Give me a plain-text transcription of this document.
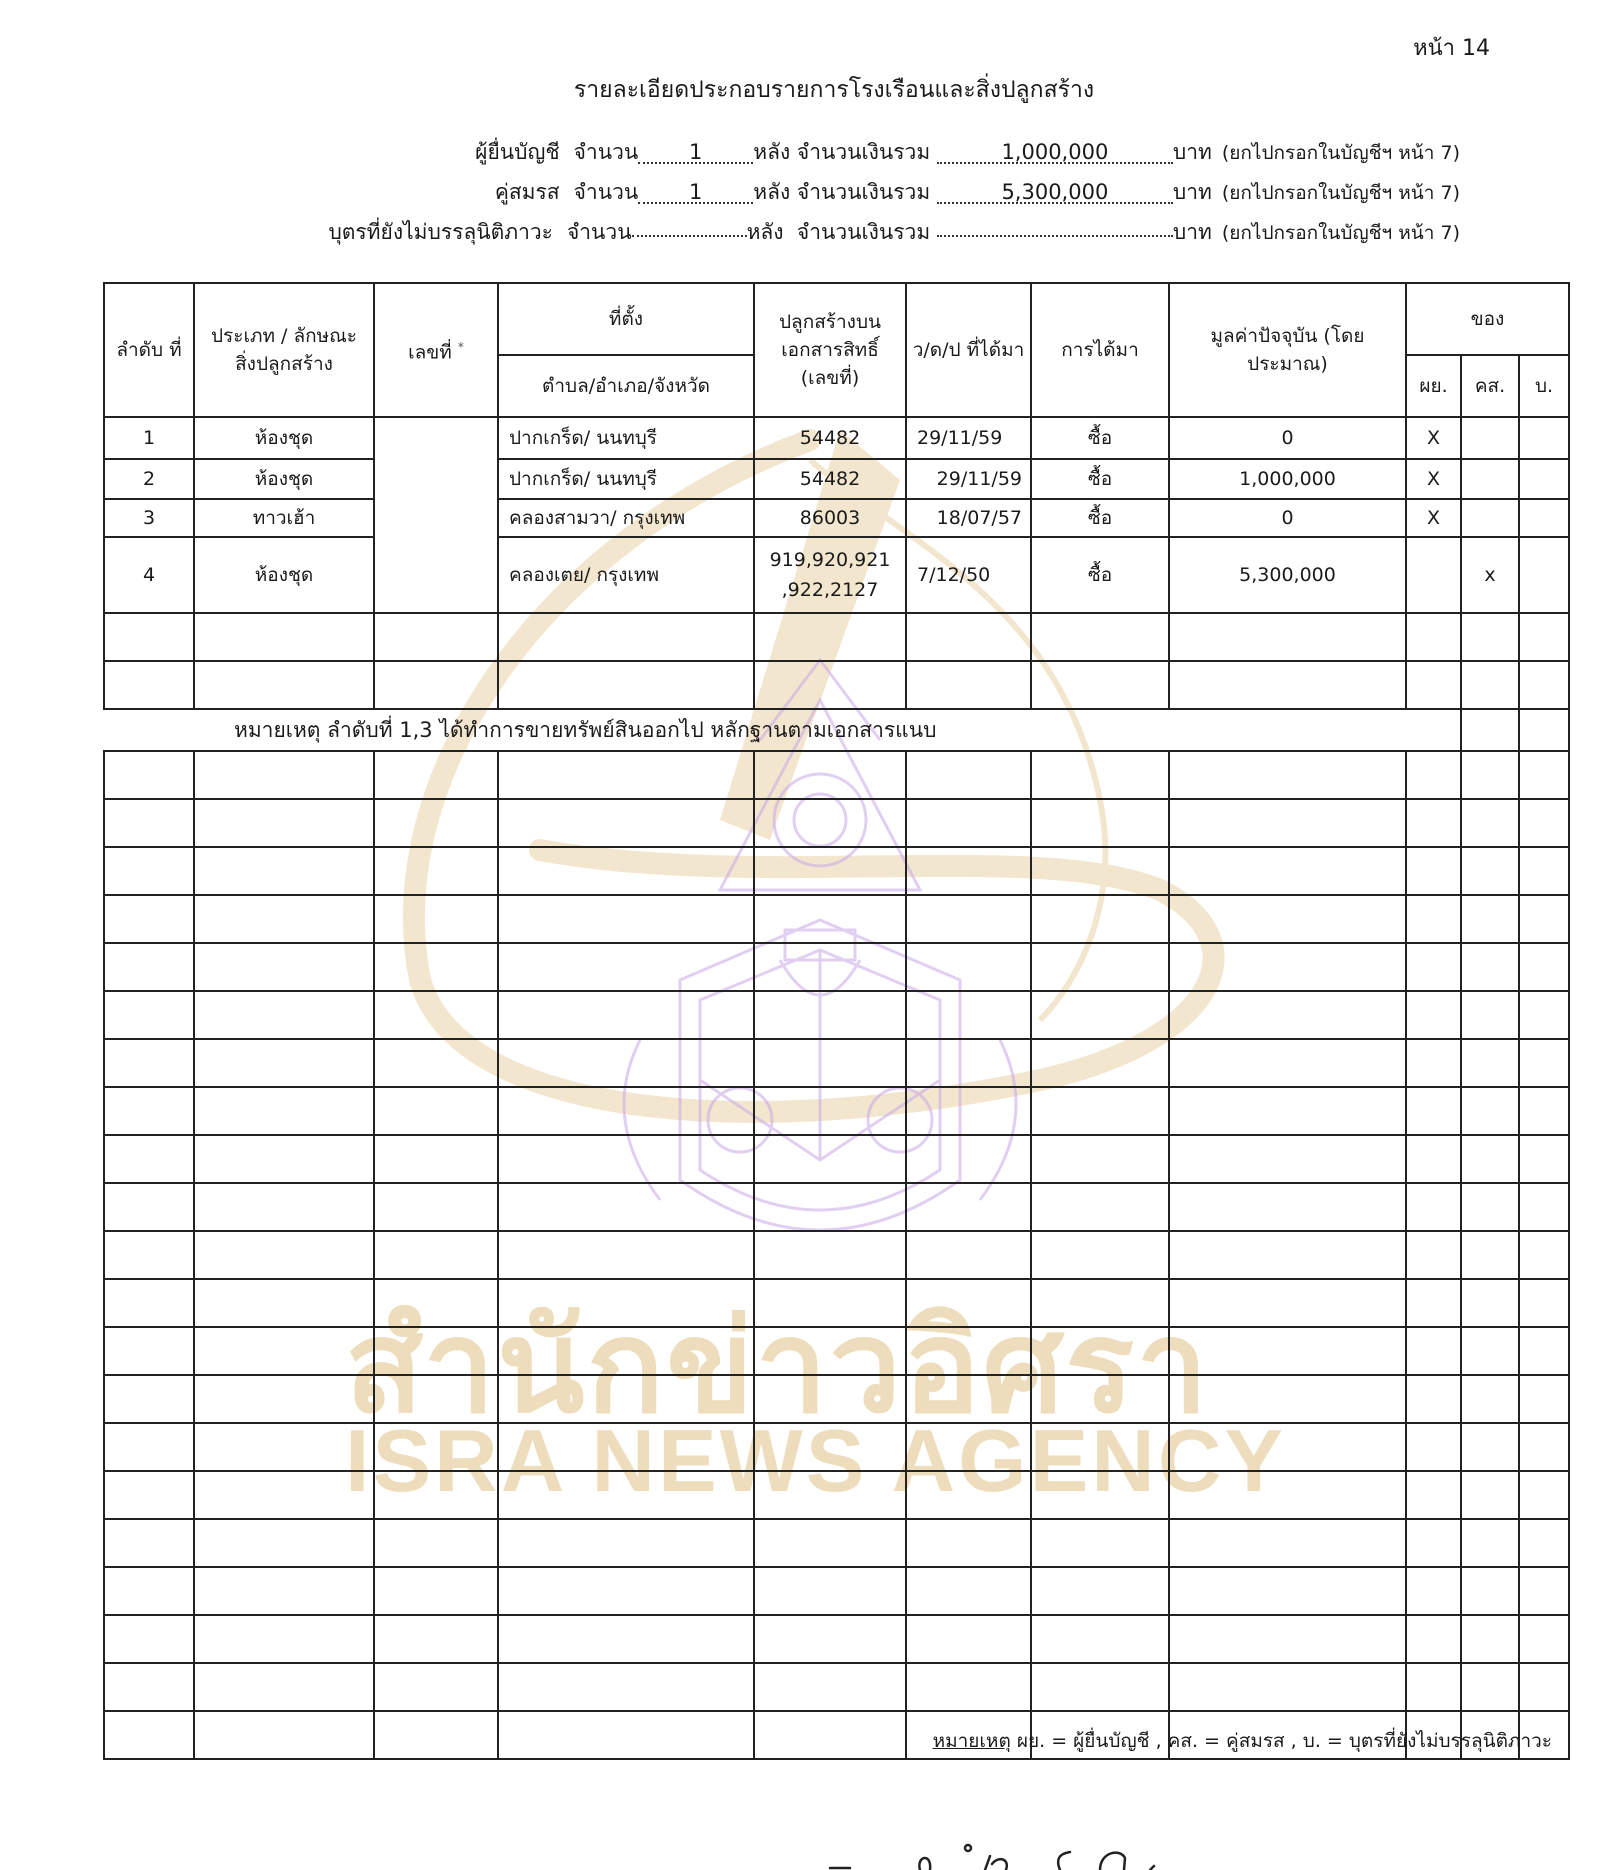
สำนักข่าวอิศรา
ISRA NEWS AGENCY
หน้า 14
รายละเอียดประกอบรายการโรงเรือนและสิ่งปลูกสร้าง
ผู้ยื่นบัญชี จำนวน	1	หลัง
จำนวนเงินรวม
	1,000,000	บาท (ยกไปกรอกในบัญชีฯ หน้า 7)
คู่สมรส จำนวน	1	หลัง
จำนวนเงินรวม
	5,300,000	บาท (ยกไปกรอกในบัญชีฯ หน้า 7)
บุตรที่ยังไม่บรรลุนิติภาวะ จำนวน	หลัง
จำนวนเงินรวม
	บาท (ยกไปกรอกในบัญชีฯ หน้า 7)
ลำดับ ที่	ประเภท / ลักษณะ สิ่งปลูกสร้าง	เลขที่ *	ที่ตั้ง	ปลูกสร้างบน เอกสารสิทธิ์ (เลขที่)	ว/ด/ป ที่ได้มา	การได้มา	มูลค่าปัจจุบัน (โดยประมาณ)	ของ		
			ตำบล/อำเภอ/จังหวัด					ผย.	คส.	บ.
1	ห้องชุด		ปากเกร็ด/ นนทบุรี	54482	29/11/59	ซื้อ	0	X		
2	ห้องชุด		ปากเกร็ด/ นนทบุรี	54482	29/11/59	ซื้อ	1,000,000	X		
3	ทาวเฮ้า		คลองสามวา/ กรุงเทพ	86003	18/07/57	ซื้อ	0	X		
4	ห้องชุด		คลองเตย/ กรุงเทพ	919,920,921 ,922,2127	7/12/50	ซื้อ	5,300,000		x	

หมายเหตุ ลำดับที่ 1,3 ได้ทำการขายทรัพย์สินออกไป หลักฐานตามเอกสารแนบ										

หมายเหตุ ผย. = ผู้ยื่นบัญชี , คส. = คู่สมรส , บ. = บุตรที่ยังไม่บรรลุนิติภาวะ
